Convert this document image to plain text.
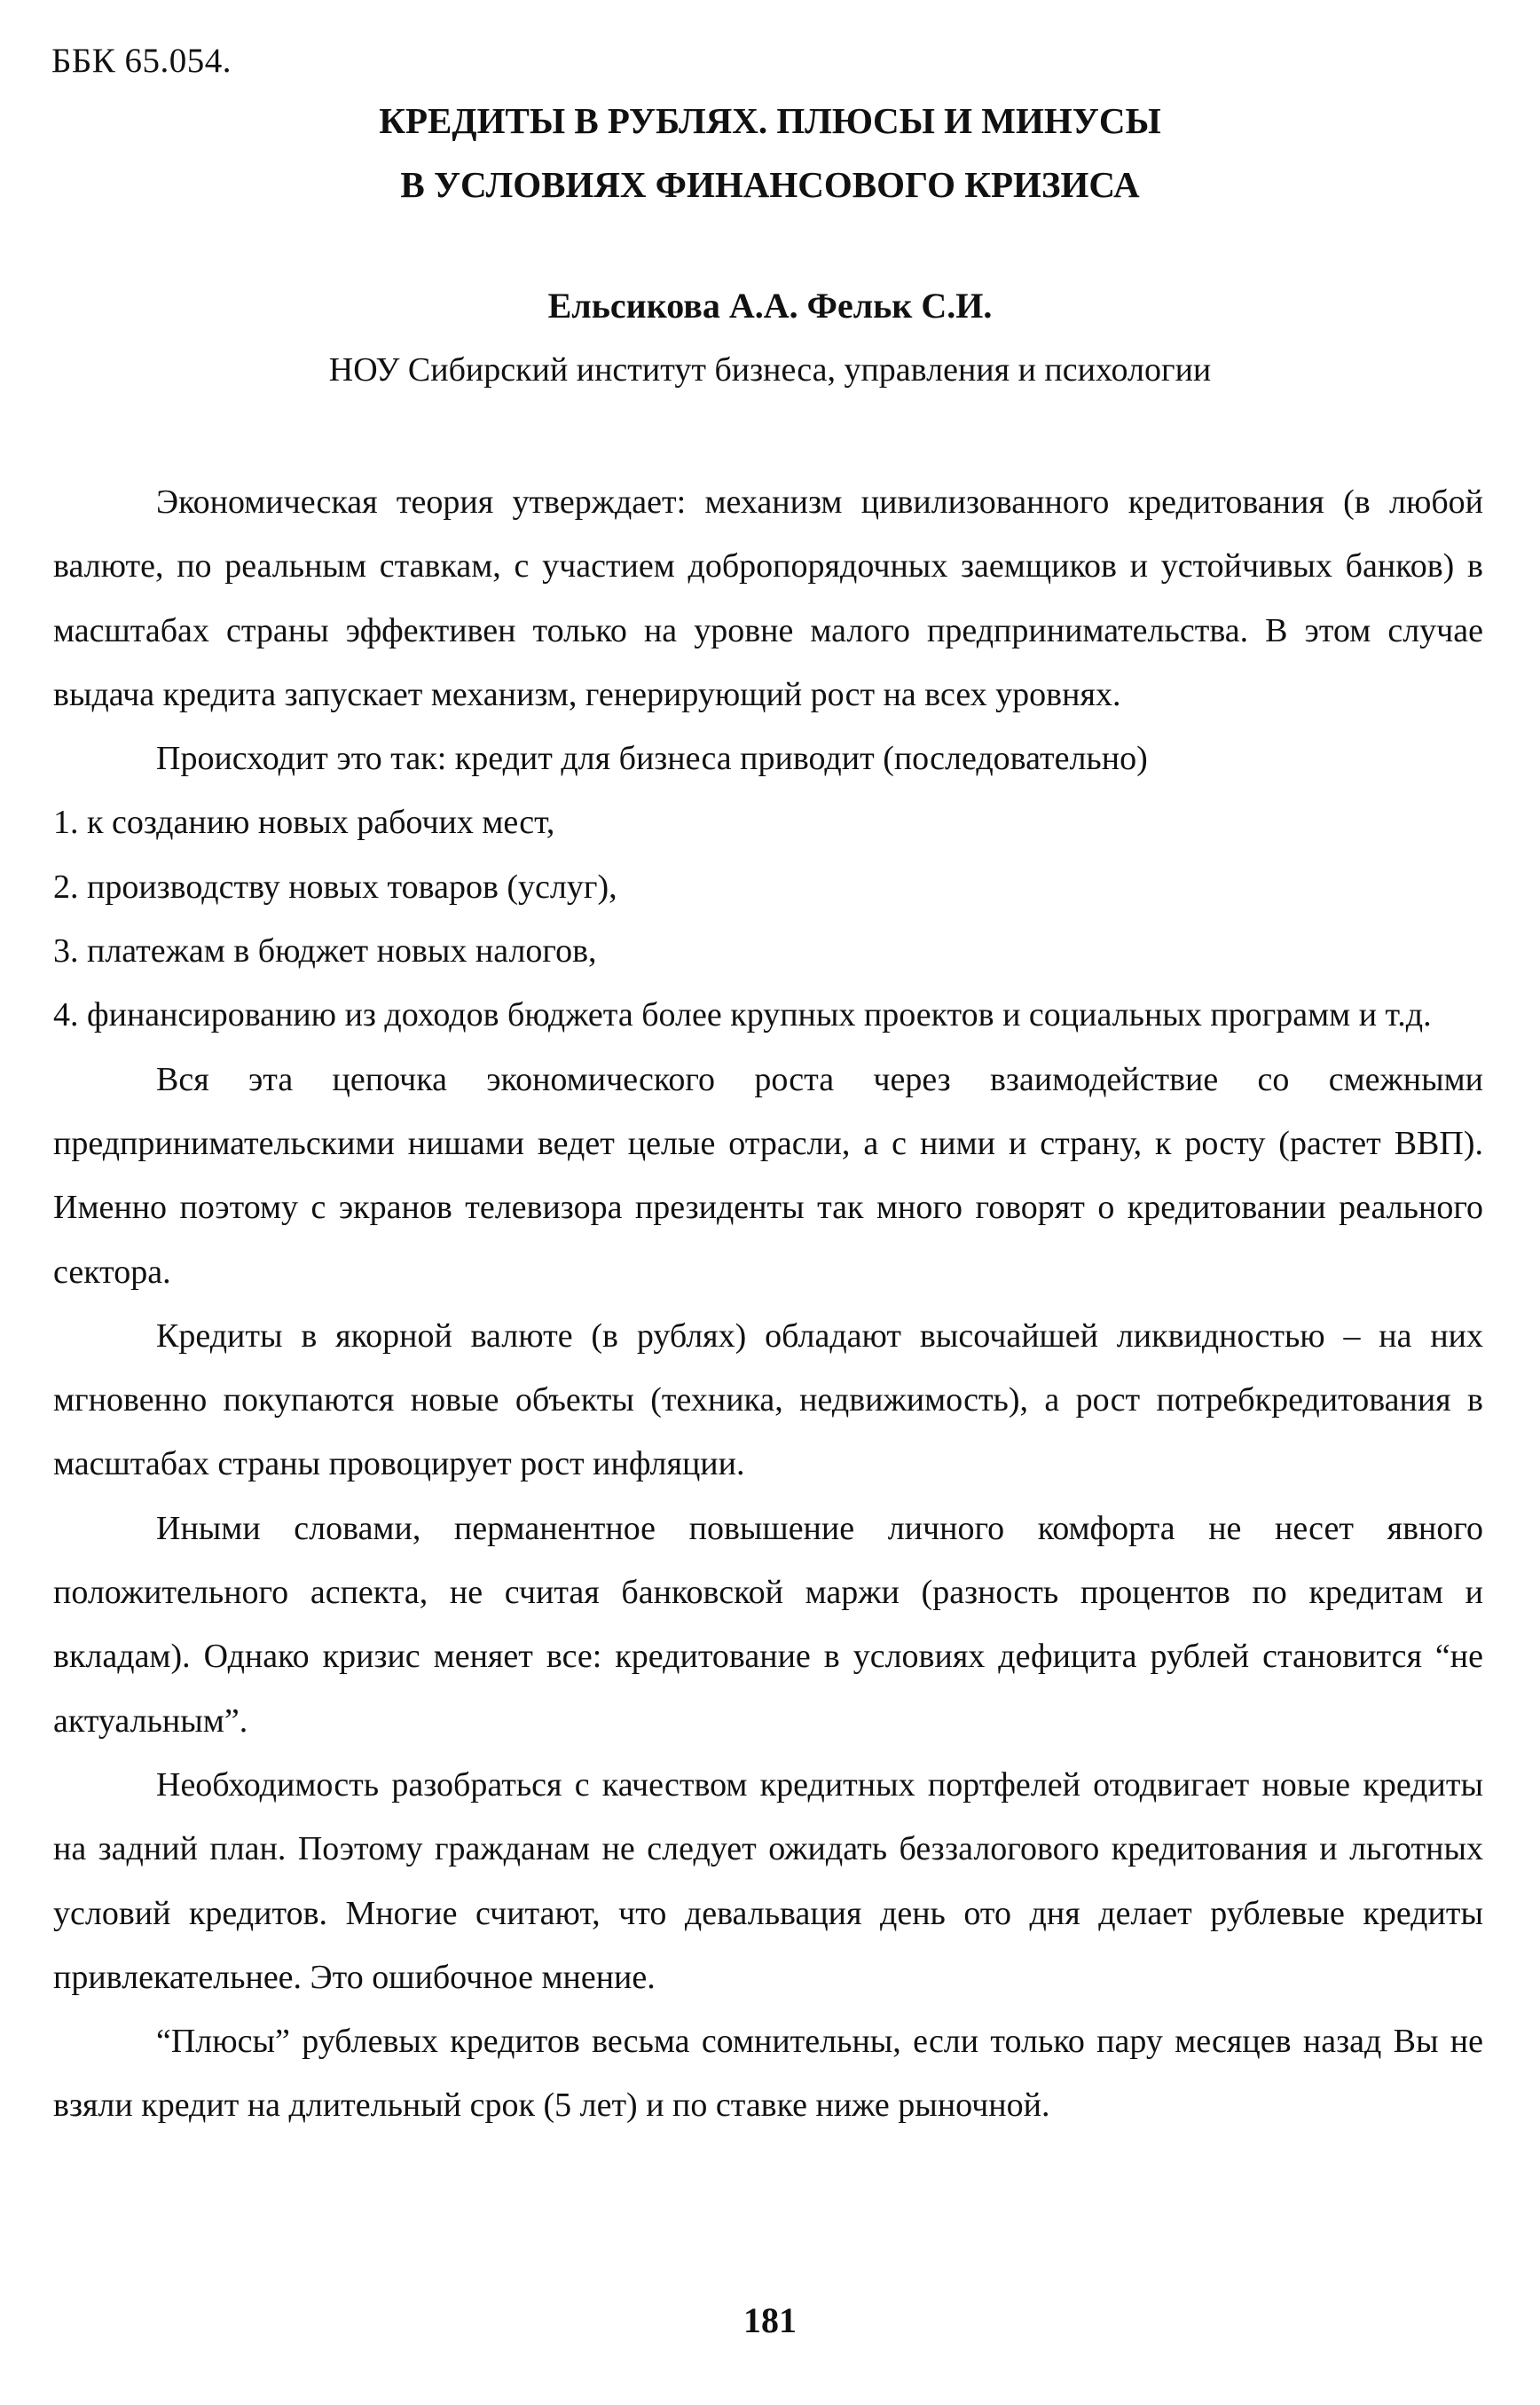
ББК 65.054.
КРЕДИТЫ В РУБЛЯХ. ПЛЮСЫ И МИНУСЫ
В УСЛОВИЯХ ФИНАНСОВОГО КРИЗИСА
Ельсикова А.А. Фельк С.И.
НОУ Сибирский институт бизнеса, управления и психологии

Экономическая теория утверждает: механизм цивилизованного кредитования (в любой валюте, по реальным ставкам, с участием добропорядочных заемщиков и устойчивых банков) в масштабах страны эффективен только на уровне малого предпринимательства. В этом случае выдача кредита запускает механизм, генерирующий рост на всех уровнях.

Происходит это так: кредит для бизнеса приводит (последовательно)

1. к созданию новых рабочих мест,

2. производству новых товаров (услуг),

3. платежам в бюджет новых налогов,

4. финансированию из доходов бюджета более крупных проектов и социальных программ и т.д.

Вся эта цепочка экономического роста через взаимодействие со смежными предпринимательскими нишами ведет целые отрасли, а с ними и страну, к росту (растет ВВП). Именно поэтому с экранов телевизора президенты так много говорят о кредитовании реального сектора.

Кредиты в якорной валюте (в рублях) обладают высочайшей ликвидностью – на них мгновенно покупаются новые объекты (техника, недвижимость), а рост потребкредитования в масштабах страны провоцирует рост инфляции.

Иными словами, перманентное повышение личного комфорта не несет явного положительного аспекта, не считая банковской маржи (разность процентов по кредитам и вкладам). Однако кризис меняет все: кредитование в условиях дефицита рублей становится “не актуальным”.

Необходимость разобраться с качеством кредитных портфелей отодвигает новые кредиты на задний план. Поэтому гражданам не следует ожидать беззалогового кредитования и льготных условий кредитов. Многие считают, что девальвация день ото дня делает рублевые кредиты привлекательнее. Это ошибочное мнение.

“Плюсы” рублевых кредитов весьма сомнительны, если только пару месяцев назад Вы не взяли кредит на длительный срок (5 лет) и по ставке ниже рыночной.

181
